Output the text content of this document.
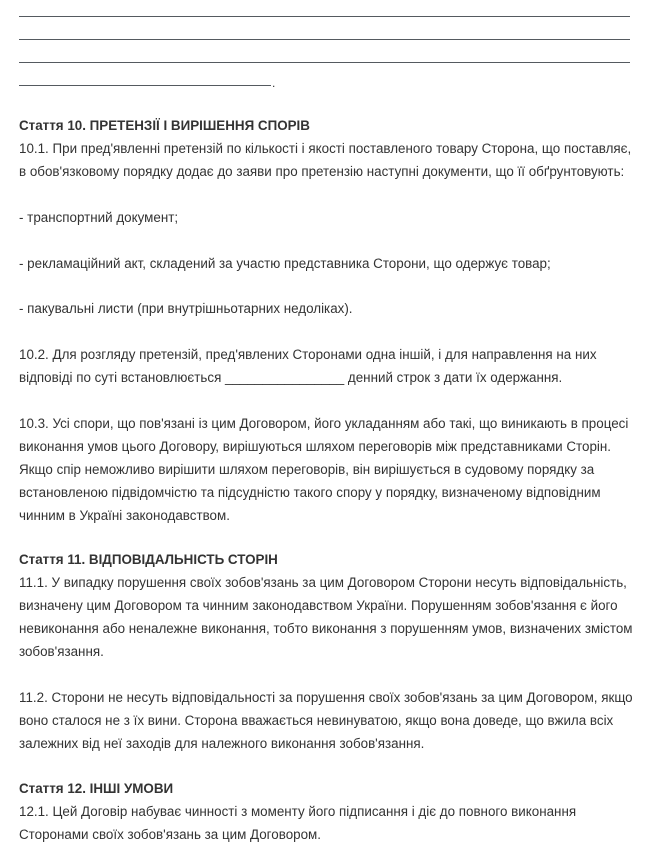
.

Стаття 10. ПРЕТЕНЗІЇ І ВИРІШЕННЯ СПОРІВ

10.1. При пред'явленні претензій по кількості і якості поставленого товару Сторона, що поставляє,

в обов'язковому порядку додає до заяви про претензію наступні документи, що її обґрунтовують:

- транспортний документ;

- рекламаційний акт, складений за участю представника Сторони, що одержує товар;

- пакувальні листи (при внутрішньотарних недоліках).

10.2. Для розгляду претензій, пред'явлених Сторонами одна іншій, і для направлення на них

відповіді по суті встановлюється ________________ денний строк з дати їх одержання.

10.3. Усі спори, що пов'язані із цим Договором, його укладанням або такі, що виникають в процесі

виконання умов цього Договору, вирішуються шляхом переговорів між представниками Сторін.

Якщо спір неможливо вирішити шляхом переговорів, він вирішується в судовому порядку за

встановленою підвідомчістю та підсудністю такого спору у порядку, визначеному відповідним

чинним в Україні законодавством.

Стаття 11. ВІДПОВІДАЛЬНІСТЬ СТОРІН

11.1. У випадку порушення своїх зобов'язань за цим Договором Сторони несуть відповідальність,

визначену цим Договором та чинним законодавством України. Порушенням зобов'язання є його

невиконання або неналежне виконання, тобто виконання з порушенням умов, визначених змістом

зобов'язання.

11.2. Сторони не несуть відповідальності за порушення своїх зобов'язань за цим Договором, якщо

воно сталося не з їх вини. Сторона вважається невинуватою, якщо вона доведе, що вжила всіх

залежних від неї заходів для належного виконання зобов'язання.

Стаття 12. ІНШІ УМОВИ

12.1. Цей Договір набуває чинності з моменту його підписання і діє до повного виконання

Сторонами своїх зобов'язань за цим Договором.
